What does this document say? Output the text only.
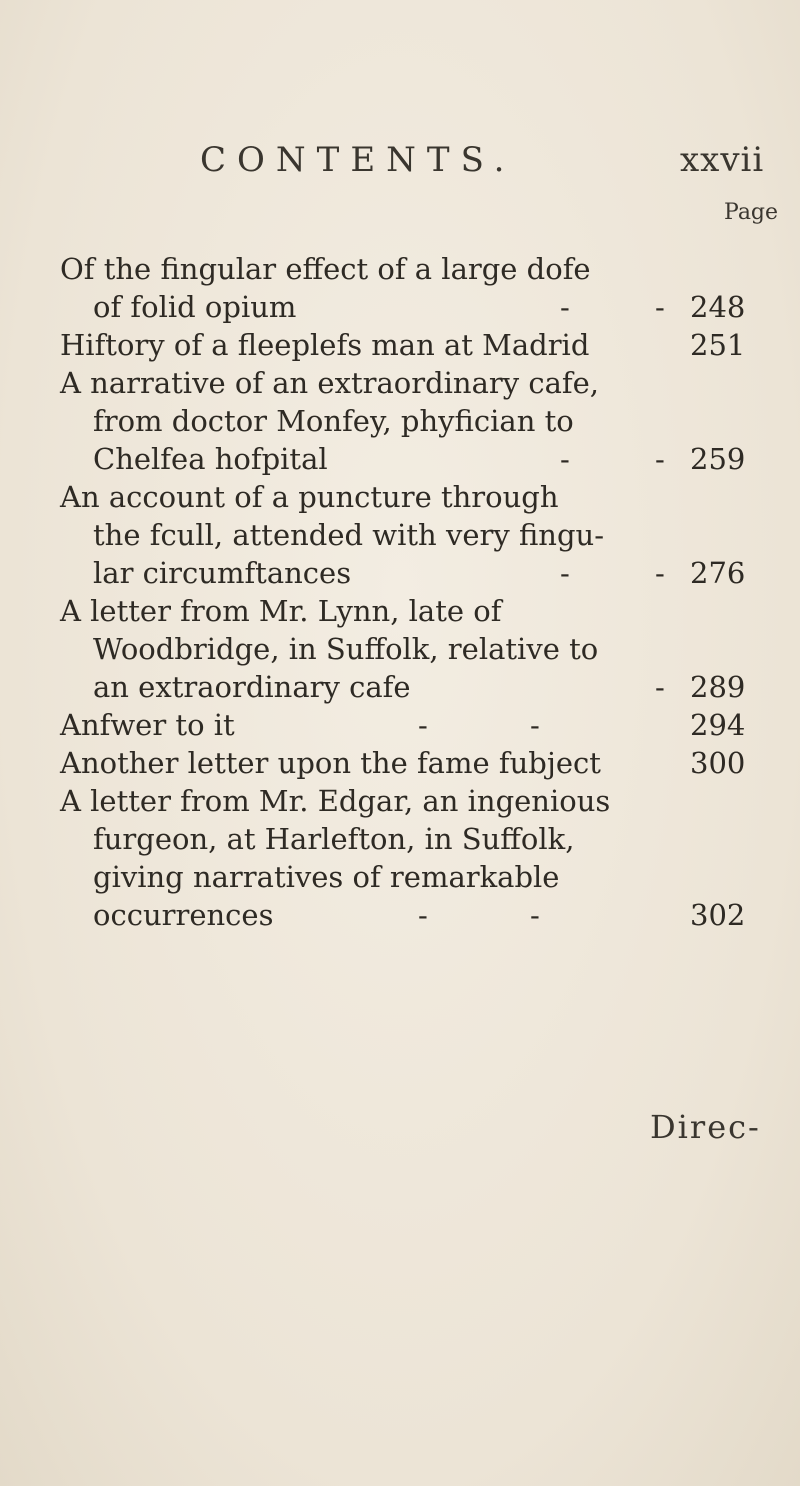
CONTENTS.	xxvii
Page
Of the fingular effect of a large dofe
of folid opium	-	- 248
Hiftory of a fleeplefs man at Madrid	251
A narrative of an extraordinary cafe,
from doctor Monfey, phyfician to
Chelfea hofpital	-	- 259
An account of a puncture through
the fcull, attended with very fingu-
lar circumftances	-	- 276
A letter from Mr. Lynn, late of
Woodbridge, in Suffolk, relative to
an extraordinary cafe	- 289
Anfwer to it	-	-	294
Another letter upon the fame fubject	300
A letter from Mr. Edgar, an ingenious
furgeon, at Harlefton, in Suffolk,
giving narratives of remarkable
occurrences	-	-	302
Direc-
